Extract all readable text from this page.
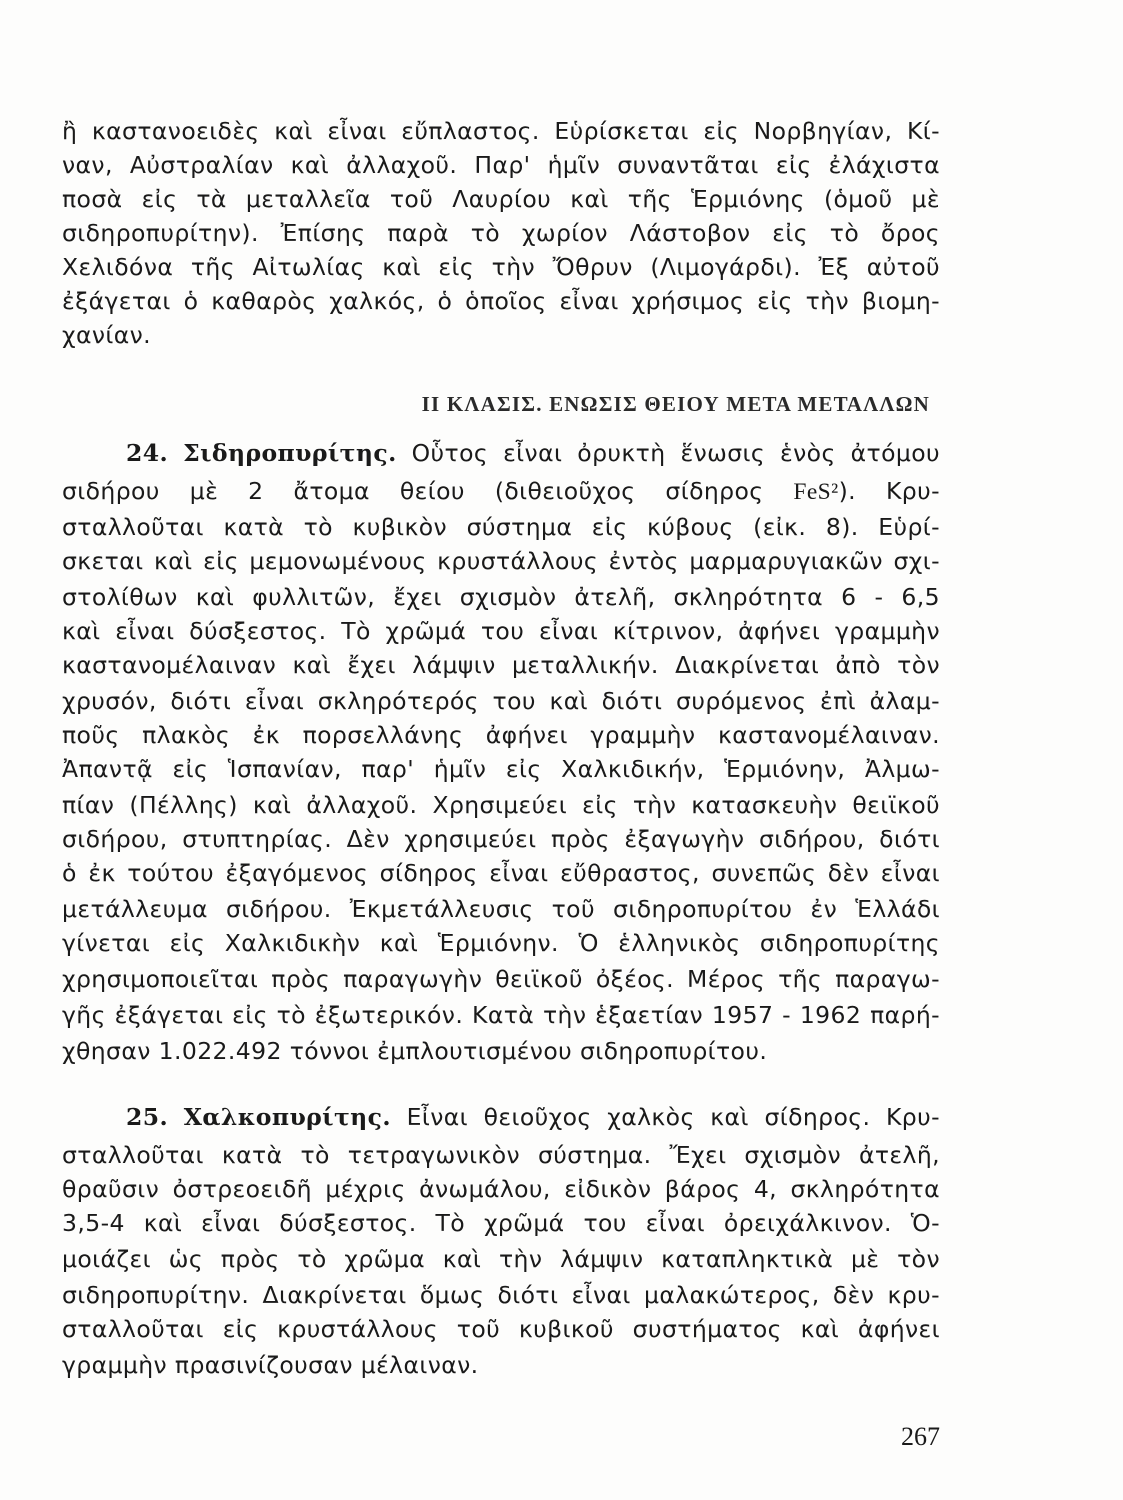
ἢ καστανοειδὲς καὶ εἶναι εὔπλαστος. Εὑρίσκεται εἰς Νορβηγίαν, Κί-
ναν, Αὐστραλίαν καὶ ἀλλαχοῦ. Παρ' ἡμῖν συναντᾶται εἰς ἐλάχιστα
ποσὰ εἰς τὰ μεταλλεῖα τοῦ Λαυρίου καὶ τῆς Ἑρμιόνης (ὁμοῦ μὲ
σιδηροπυρίτην). Ἐπίσης παρὰ τὸ χωρίον Λάστοβον εἰς τὸ ὄρος
Χελιδόνα τῆς Αἰτωλίας καὶ εἰς τὴν Ὄθρυν (Λιμογάρδι). Ἐξ αὐτοῦ
ἐξάγεται ὁ καθαρὸς χαλκός, ὁ ὁποῖος εἶναι χρήσιμος εἰς τὴν βιομη-
χανίαν.
ΙΙ ΚΛΑΣΙΣ. ΕΝΩΣΙΣ ΘΕΙΟΥ ΜΕΤΑ ΜΕΤΑΛΛΩΝ
24. Σιδηροπυρίτης. Οὗτος εἶναι ὀρυκτὴ ἕνωσις ἑνὸς ἀτόμου
σιδήρου μὲ 2 ἄτομα θείου (διθειοῦχος σίδηρος FeS²). Κρυ-
σταλλοῦται κατὰ τὸ κυβικὸν σύστημα εἰς κύβους (εἰκ. 8). Εὑρί-
σκεται καὶ εἰς μεμονωμένους κρυστάλλους ἐντὸς μαρμαρυγιακῶν σχι-
στολίθων καὶ φυλλιτῶν, ἔχει σχισμὸν ἀτελῆ, σκληρότητα 6 - 6,5
καὶ εἶναι δύσξεστος. Τὸ χρῶμά του εἶναι κίτρινον, ἀφήνει γραμμὴν
καστανομέλαιναν καὶ ἔχει λάμψιν μεταλλικήν. Διακρίνεται ἀπὸ τὸν
χρυσόν, διότι εἶναι σκληρότερός του καὶ διότι συρόμενος ἐπὶ ἀλαμ-
ποῦς πλακὸς ἐκ πορσελλάνης ἀφήνει γραμμὴν καστανομέλαιναν.
Ἀπαντᾷ εἰς Ἱσπανίαν, παρ' ἡμῖν εἰς Χαλκιδικήν, Ἑρμιόνην, Ἀλμω-
πίαν (Πέλλης) καὶ ἀλλαχοῦ. Χρησιμεύει εἰς τὴν κατασκευὴν θειϊκοῦ
σιδήρου, στυπτηρίας. Δὲν χρησιμεύει πρὸς ἐξαγωγὴν σιδήρου, διότι
ὁ ἐκ τούτου ἐξαγόμενος σίδηρος εἶναι εὔθραστος, συνεπῶς δὲν εἶναι
μετάλλευμα σιδήρου. Ἐκμετάλλευσις τοῦ σιδηροπυρίτου ἐν Ἑλλάδι
γίνεται εἰς Χαλκιδικὴν καὶ Ἑρμιόνην. Ὁ ἑλληνικὸς σιδηροπυρίτης
χρησιμοποιεῖται πρὸς παραγωγὴν θειϊκοῦ ὀξέος. Μέρος τῆς παραγω-
γῆς ἐξάγεται εἰς τὸ ἐξωτερικόν. Κατὰ τὴν ἑξαετίαν 1957 - 1962 παρή-
χθησαν 1.022.492 τόννοι ἐμπλουτισμένου σιδηροπυρίτου.
25. Χαλκοπυρίτης. Εἶναι θειοῦχος χαλκὸς καὶ σίδηρος. Κρυ-
σταλλοῦται κατὰ τὸ τετραγωνικὸν σύστημα. Ἔχει σχισμὸν ἀτελῆ,
θραῦσιν ὀστρεοειδῆ μέχρις ἀνωμάλου, εἰδικὸν βάρος 4, σκληρότητα
3,5-4 καὶ εἶναι δύσξεστος. Τὸ χρῶμά του εἶναι ὀρειχάλκινον. Ὁ-
μοιάζει ὡς πρὸς τὸ χρῶμα καὶ τὴν λάμψιν καταπληκτικὰ μὲ τὸν
σιδηροπυρίτην. Διακρίνεται ὅμως διότι εἶναι μαλακώτερος, δὲν κρυ-
σταλλοῦται εἰς κρυστάλλους τοῦ κυβικοῦ συστήματος καὶ ἀφήνει
γραμμὴν πρασινίζουσαν μέλαιναν.
267
